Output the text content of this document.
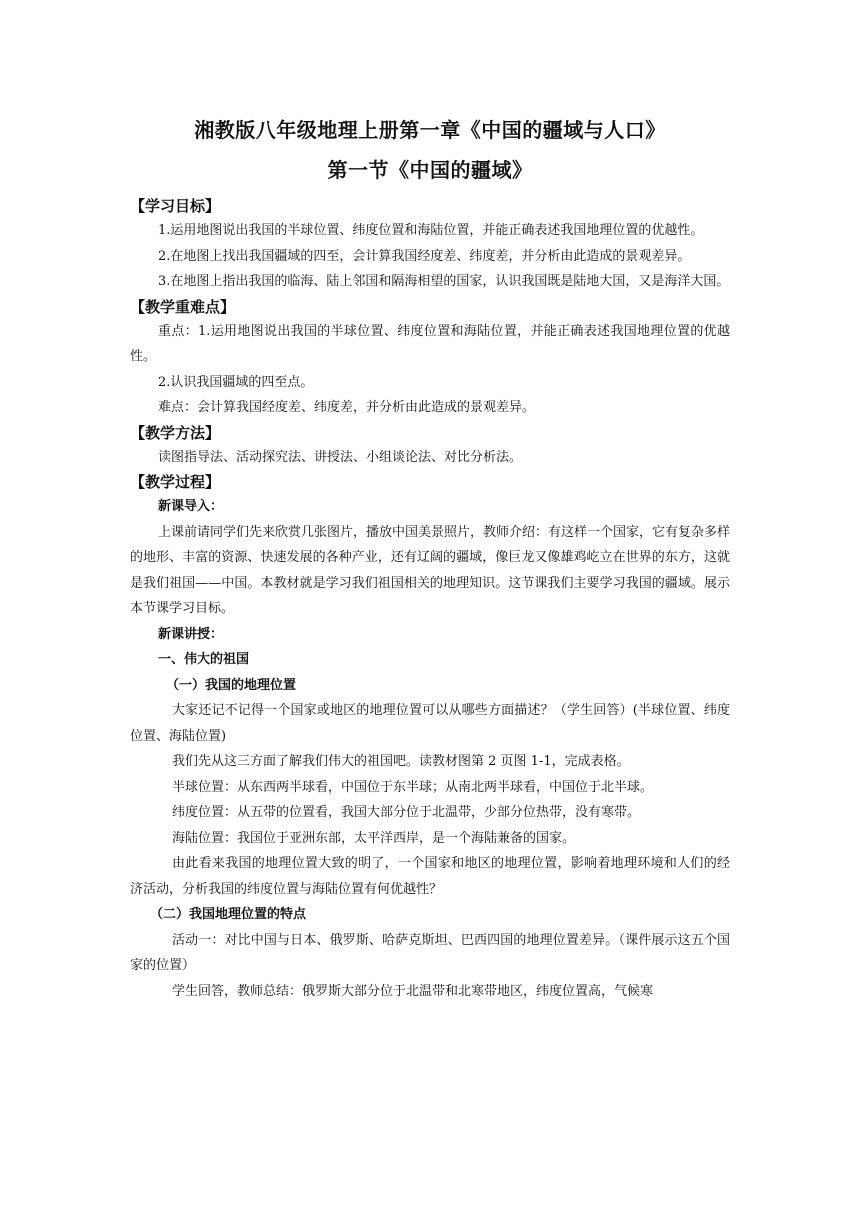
湘教版八年级地理上册第一章《中国的疆域与人口》
第一节《中国的疆域》
【学习目标】

1.运用地图说出我国的半球位置、纬度位置和海陆位置，并能正确表述我国地理位置的优越性。

2.在地图上找出我国疆域的四至，会计算我国经度差、纬度差，并分析由此造成的景观差异。

3.在地图上指出我国的临海、陆上邻国和隔海相望的国家，认识我国既是陆地大国，又是海洋大国。

【教学重难点】

重点：1.运用地图说出我国的半球位置、纬度位置和海陆位置，并能正确表述我国地理位置的优越性。

2.认识我国疆域的四至点。

难点：会计算我国经度差、纬度差，并分析由此造成的景观差异。

【教学方法】

读图指导法、活动探究法、讲授法、小组谈论法、对比分析法。

【教学过程】
新课导入：

上课前请同学们先来欣赏几张图片，播放中国美景照片，教师介绍：有这样一个国家，它有复杂多样的地形、丰富的资源、快速发展的各种产业，还有辽阔的疆域，像巨龙又像雄鸡屹立在世界的东方，这就是我们祖国——中国。本教材就是学习我们祖国相关的地理知识。这节课我们主要学习我国的疆域。展示本节课学习目标。

新课讲授：
一、伟大的祖国
（一）我国的地理位置

大家还记不记得一个国家或地区的地理位置可以从哪些方面描述？（学生回答）(半球位置、纬度位置、海陆位置)

我们先从这三方面了解我们伟大的祖国吧。读教材图第 2 页图 1-1，完成表格。

半球位置：从东西两半球看，中国位于东半球；从南北两半球看，中国位于北半球。

纬度位置：从五带的位置看，我国大部分位于北温带，少部分位热带，没有寒带。

海陆位置：我国位于亚洲东部，太平洋西岸，是一个海陆兼备的国家。

由此看来我国的地理位置大致的明了，一个国家和地区的地理位置，影响着地理环境和人们的经济活动，分析我国的纬度位置与海陆位置有何优越性？

（二）我国地理位置的特点

活动一：对比中国与日本、俄罗斯、哈萨克斯坦、巴西四国的地理位置差异。（课件展示这五个国家的位置）

学生回答，教师总结：俄罗斯大部分位于北温带和北寒带地区，纬度位置高，气候寒
